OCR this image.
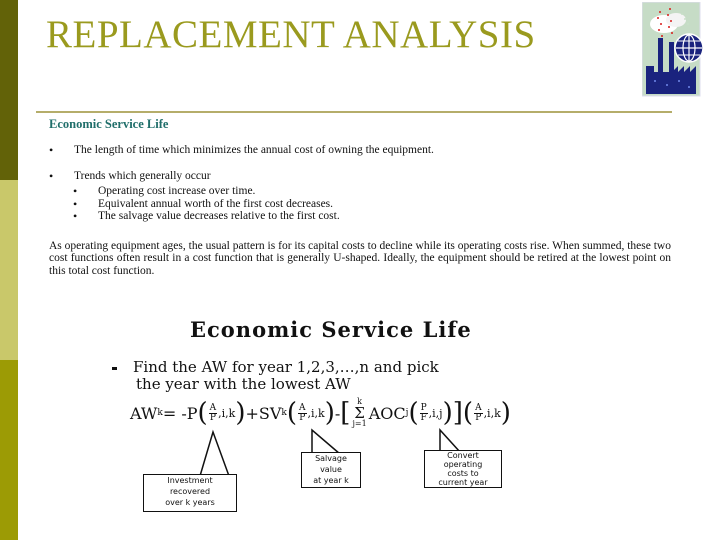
REPLACEMENT ANALYSIS
Economic Service Life
• The length of time which minimizes the annual cost of owning the equipment.
• Trends which generally occur
• Operating cost increase over time.
• Equivalent annual worth of the first cost decreases.
• The salvage value decreases relative to the first cost.
As operating equipment ages, the usual pattern is for its capital costs to decline while its operating costs rise. When summed, these two cost functions often result in a cost function that is generally U-shaped. Ideally, the equipment should be retired at the lowest point on this total cost function.
Economic Service Life
Find the AW for year 1,2,3,…,n and pick
the year with the lowest AW
AW k = -P ( $\frac{A}{P} ,i,k$ ) +SV k ( $\frac{A}{P} ,i,k$ ) - [ k
Σ
j=1
AOC j ( $\frac{P}{F} ,i,j$ ) ] ( $\frac{A}{P} ,i,k$ )
Investment
recovered
over k years
Salvage
value
at year k
Convert
operating
costs to
current year
